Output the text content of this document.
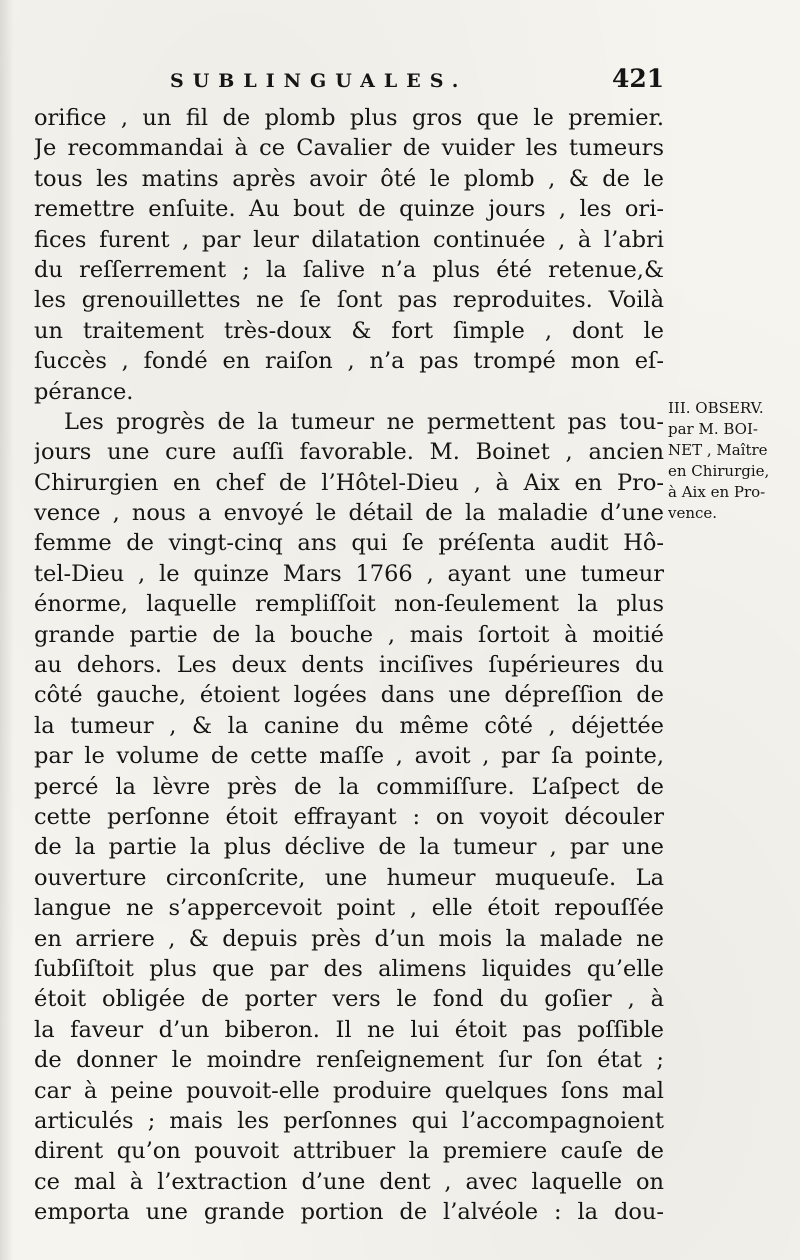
SUBLINGUALES.	421
orifice , un fil de plomb plus gros que le premier.
Je recommandai à ce Cavalier de vuider les tumeurs
tous les matins après avoir ôté le plomb , & de le
remettre enſuite. Au bout de quinze jours , les ori-
fices furent , par leur dilatation continuée , à l’abri
du reſſerrement ; la ſalive n’a plus été retenue,&
les grenouillettes ne ſe ſont pas reproduites. Voilà
un traitement très-doux & fort ſimple , dont le
ſuccès , fondé en raiſon , n’a pas trompé mon eſ-
pérance.
Les progrès de la tumeur ne permettent pas tou-
jours une cure auſſi favorable. M. Boinet , ancien
Chirurgien en chef de l’Hôtel-Dieu , à Aix en Pro-
vence , nous a envoyé le détail de la maladie d’une
femme de vingt-cinq ans qui ſe préſenta audit Hô-
tel-Dieu , le quinze Mars 1766 , ayant une tumeur
énorme, laquelle rempliſſoit non-ſeulement la plus
grande partie de la bouche , mais ſortoit à moitié
au dehors. Les deux dents inciſives ſupérieures du
côté gauche, étoient logées dans une dépreſſion de
la tumeur , & la canine du même côté , déjettée
par le volume de cette maſſe , avoit , par ſa pointe,
percé la lèvre près de la commiſſure. L’aſpect de
cette perſonne étoit effrayant : on voyoit découler
de la partie la plus déclive de la tumeur , par une
ouverture circonſcrite, une humeur muqueuſe. La
langue ne s’appercevoit point , elle étoit repouſſée
en arriere , & depuis près d’un mois la malade ne
ſubſiſtoit plus que par des alimens liquides qu’elle
étoit obligée de porter vers le fond du goſier , à
la faveur d’un biberon. Il ne lui étoit pas poſſible
de donner le moindre renſeignement ſur ſon état ;
car à peine pouvoit-elle produire quelques ſons mal
articulés ; mais les perſonnes qui l’accompagnoient
dirent qu’on pouvoit attribuer la premiere cauſe de
ce mal à l’extraction d’une dent , avec laquelle on
emporta une grande portion de l’alvéole : la dou-
III. OBSERV.
par M. BOI-
NET , Maître
en Chirurgie,
à Aix en Pro-
vence.
